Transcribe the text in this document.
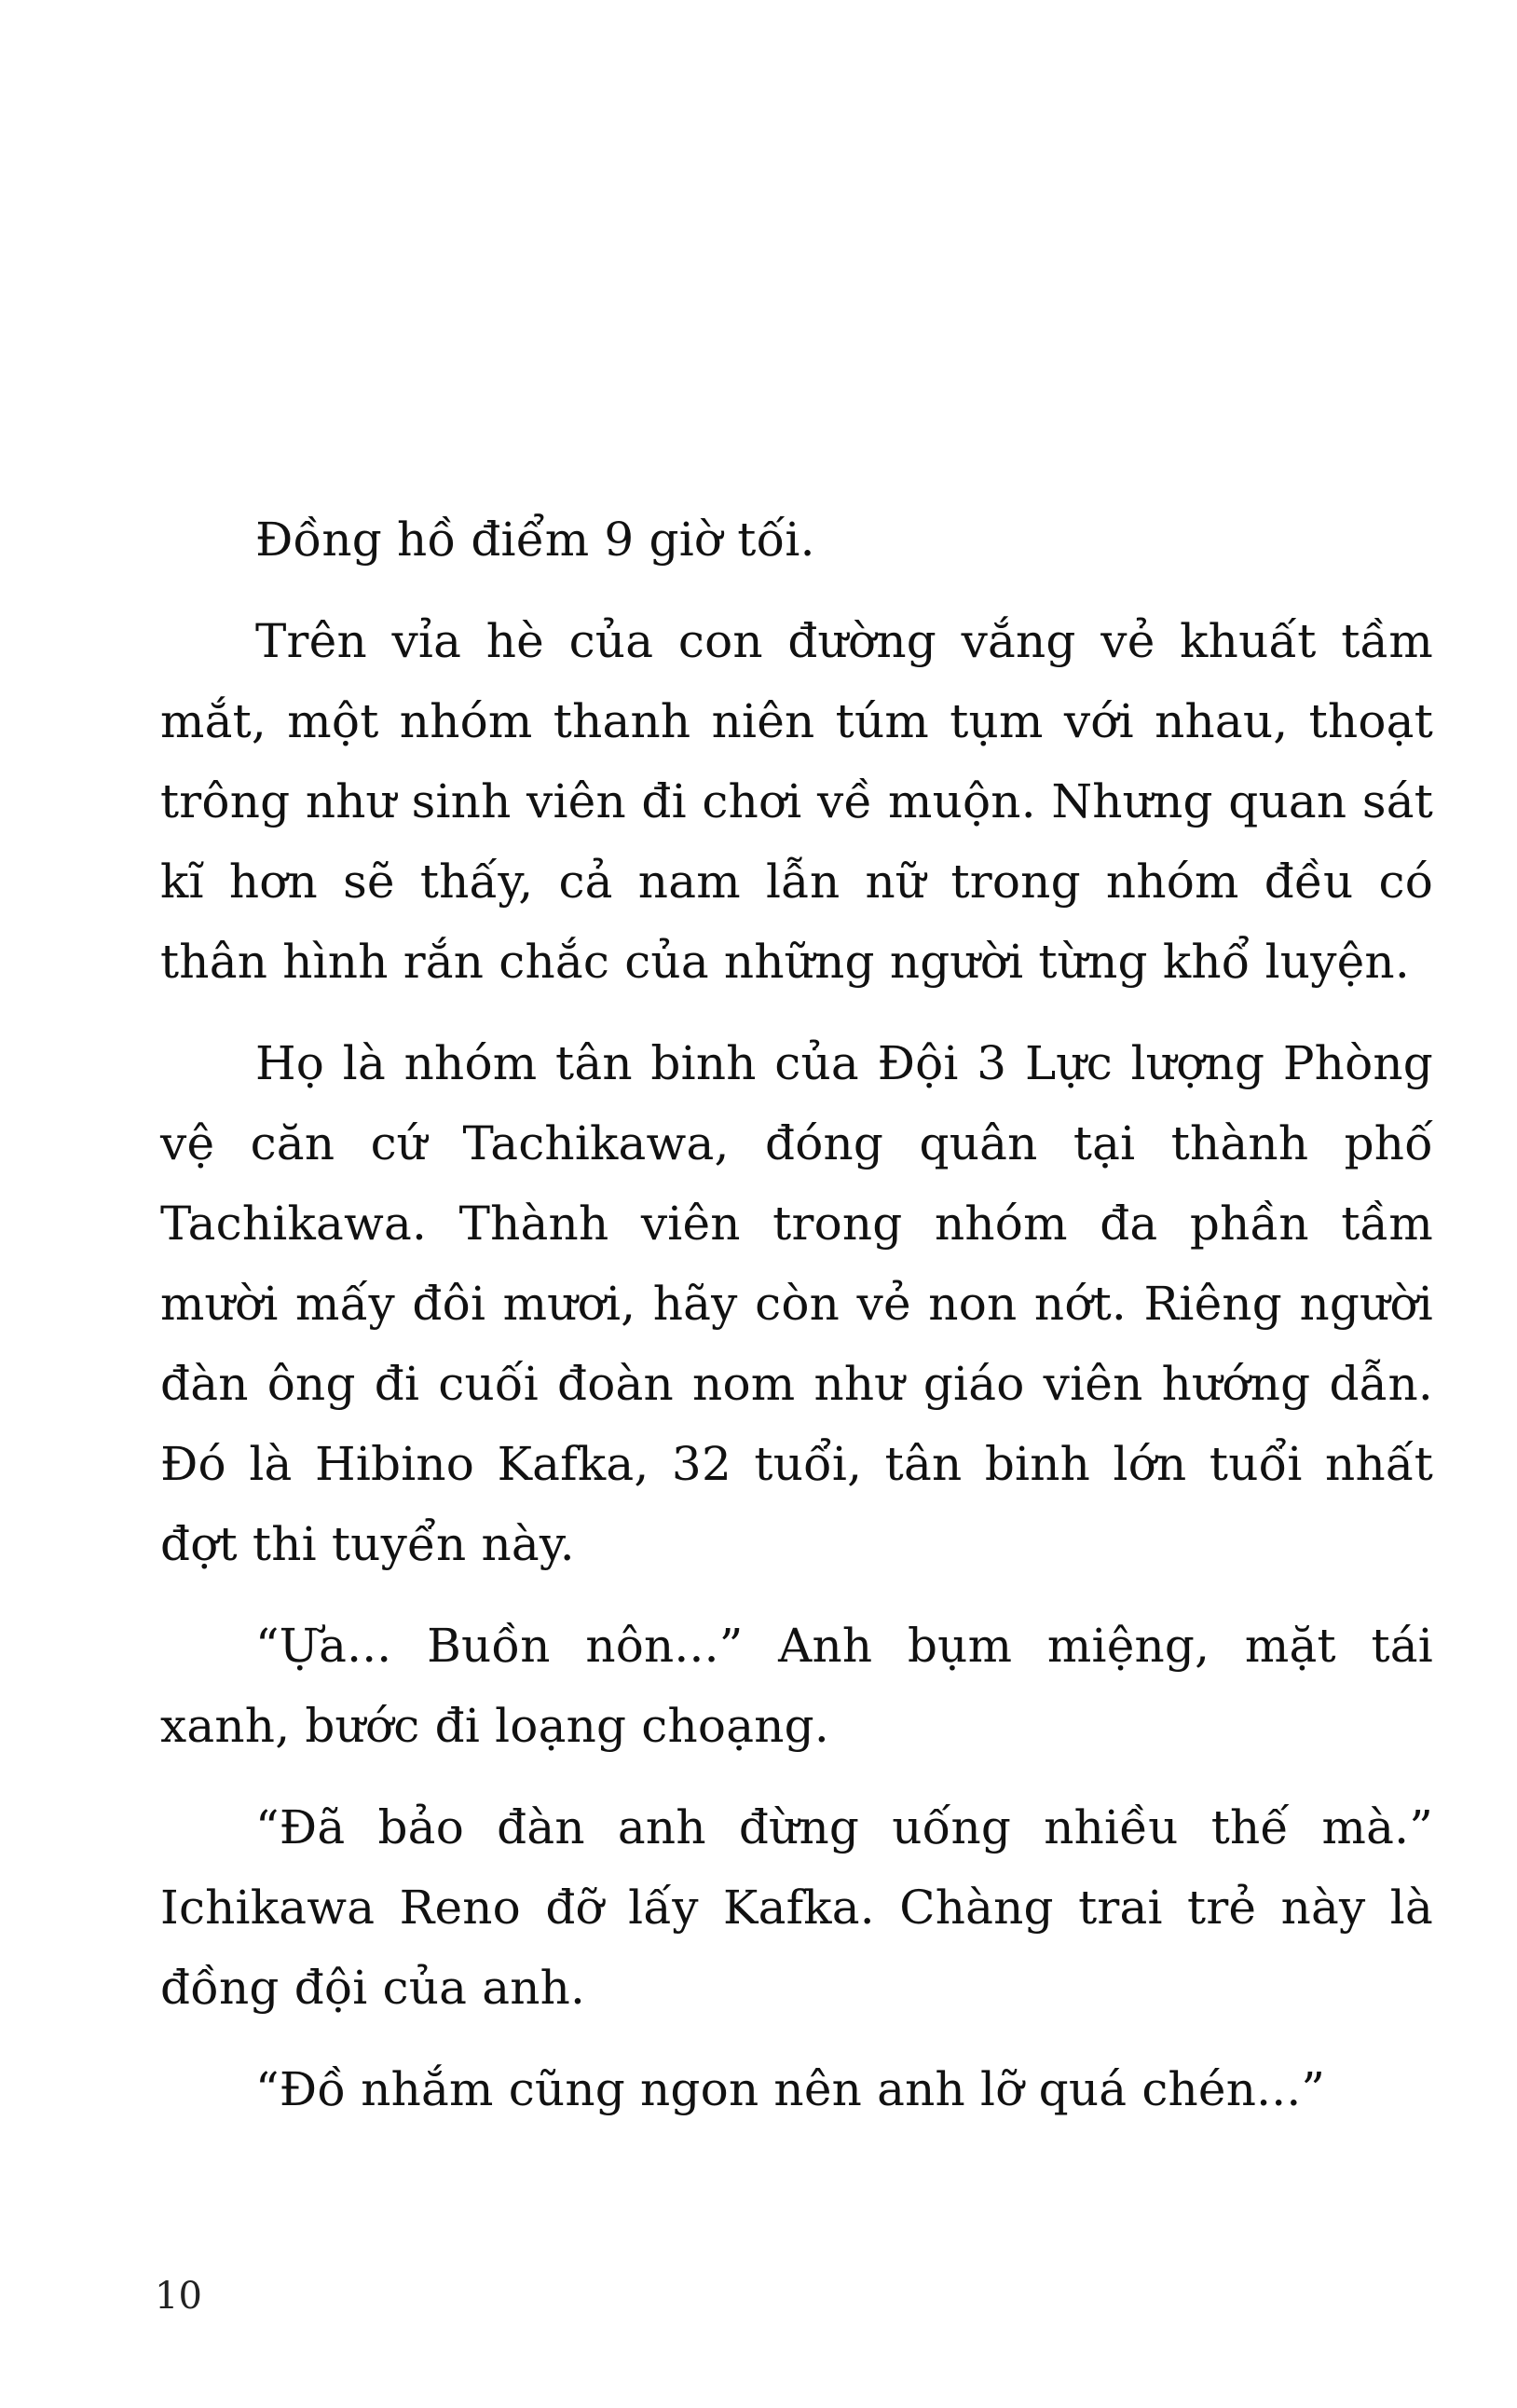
Đồng hồ điểm 9 giờ tối.

Trên vỉa hè của con đường vắng vẻ khuất tầm mắt, một nhóm thanh niên túm tụm với nhau, thoạt trông như sinh viên đi chơi về muộn. Nhưng quan sát kĩ hơn sẽ thấy, cả nam lẫn nữ trong nhóm đều có thân hình rắn chắc của những người từng khổ luyện.

Họ là nhóm tân binh của Đội 3 Lực lượng Phòng vệ căn cứ Tachikawa, đóng quân tại thành phố Tachikawa. Thành viên trong nhóm đa phần tầm mười mấy đôi mươi, hãy còn vẻ non nớt. Riêng người đàn ông đi cuối đoàn nom như giáo viên hướng dẫn. Đó là Hibino Kafka, 32 tuổi, tân binh lớn tuổi nhất đợt thi tuyển này.

“Ựa... Buồn nôn...” Anh bụm miệng, mặt tái xanh, bước đi loạng choạng.

“Đã bảo đàn anh đừng uống nhiều thế mà.” Ichikawa Reno đỡ lấy Kafka. Chàng trai trẻ này là đồng đội của anh.

“Đồ nhắm cũng ngon nên anh lỡ quá chén...”

10
